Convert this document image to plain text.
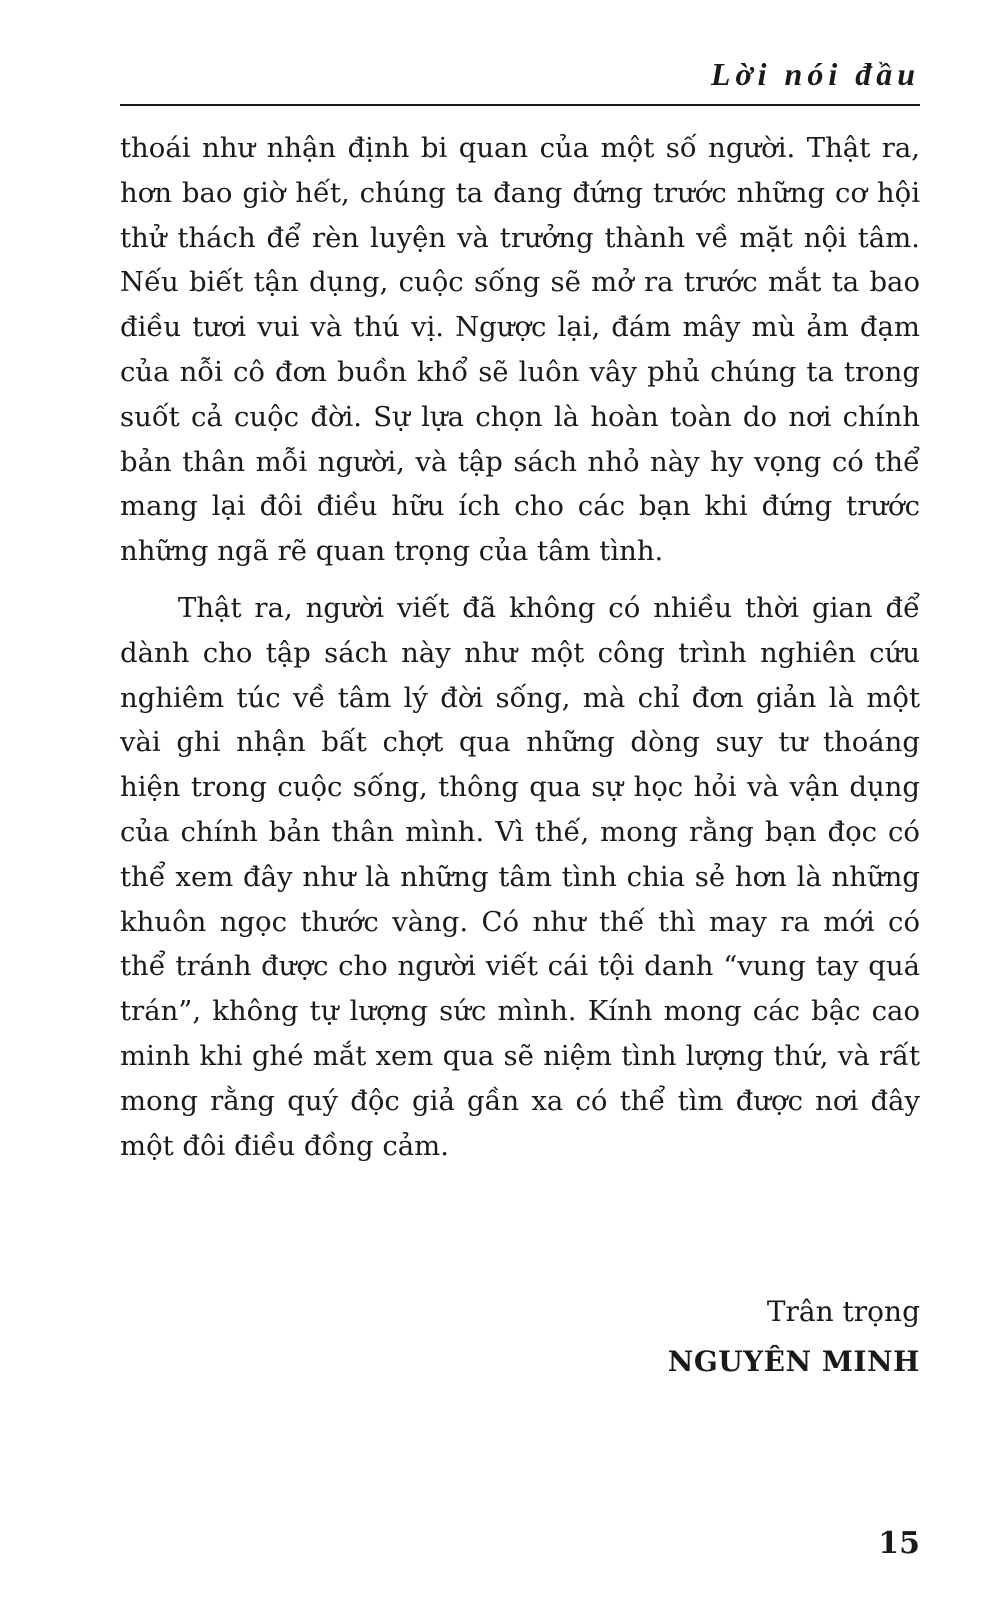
Lời nói đầu

thoái như nhận định bi quan của một số người. Thật ra, hơn bao giờ hết, chúng ta đang đứng trước những cơ hội thử thách để rèn luyện và trưởng thành về mặt nội tâm. Nếu biết tận dụng, cuộc sống sẽ mở ra trước mắt ta bao điều tươi vui và thú vị. Ngược lại, đám mây mù ảm đạm của nỗi cô đơn buồn khổ sẽ luôn vây phủ chúng ta trong suốt cả cuộc đời. Sự lựa chọn là hoàn toàn do nơi chính bản thân mỗi người, và tập sách nhỏ này hy vọng có thể mang lại đôi điều hữu ích cho các bạn khi đứng trước những ngã rẽ quan trọng của tâm tình.

Thật ra, người viết đã không có nhiều thời gian để dành cho tập sách này như một công trình nghiên cứu nghiêm túc về tâm lý đời sống, mà chỉ đơn giản là một vài ghi nhận bất chợt qua những dòng suy tư thoáng hiện trong cuộc sống, thông qua sự học hỏi và vận dụng của chính bản thân mình. Vì thế, mong rằng bạn đọc có thể xem đây như là những tâm tình chia sẻ hơn là những khuôn ngọc thước vàng. Có như thế thì may ra mới có thể tránh được cho người viết cái tội danh “vung tay quá trán”, không tự lượng sức mình. Kính mong các bậc cao minh khi ghé mắt xem qua sẽ niệm tình lượng thứ, và rất mong rằng quý độc giả gần xa có thể tìm được nơi đây một đôi điều đồng cảm.

Trân trọng
NGUYÊN MINH
15
